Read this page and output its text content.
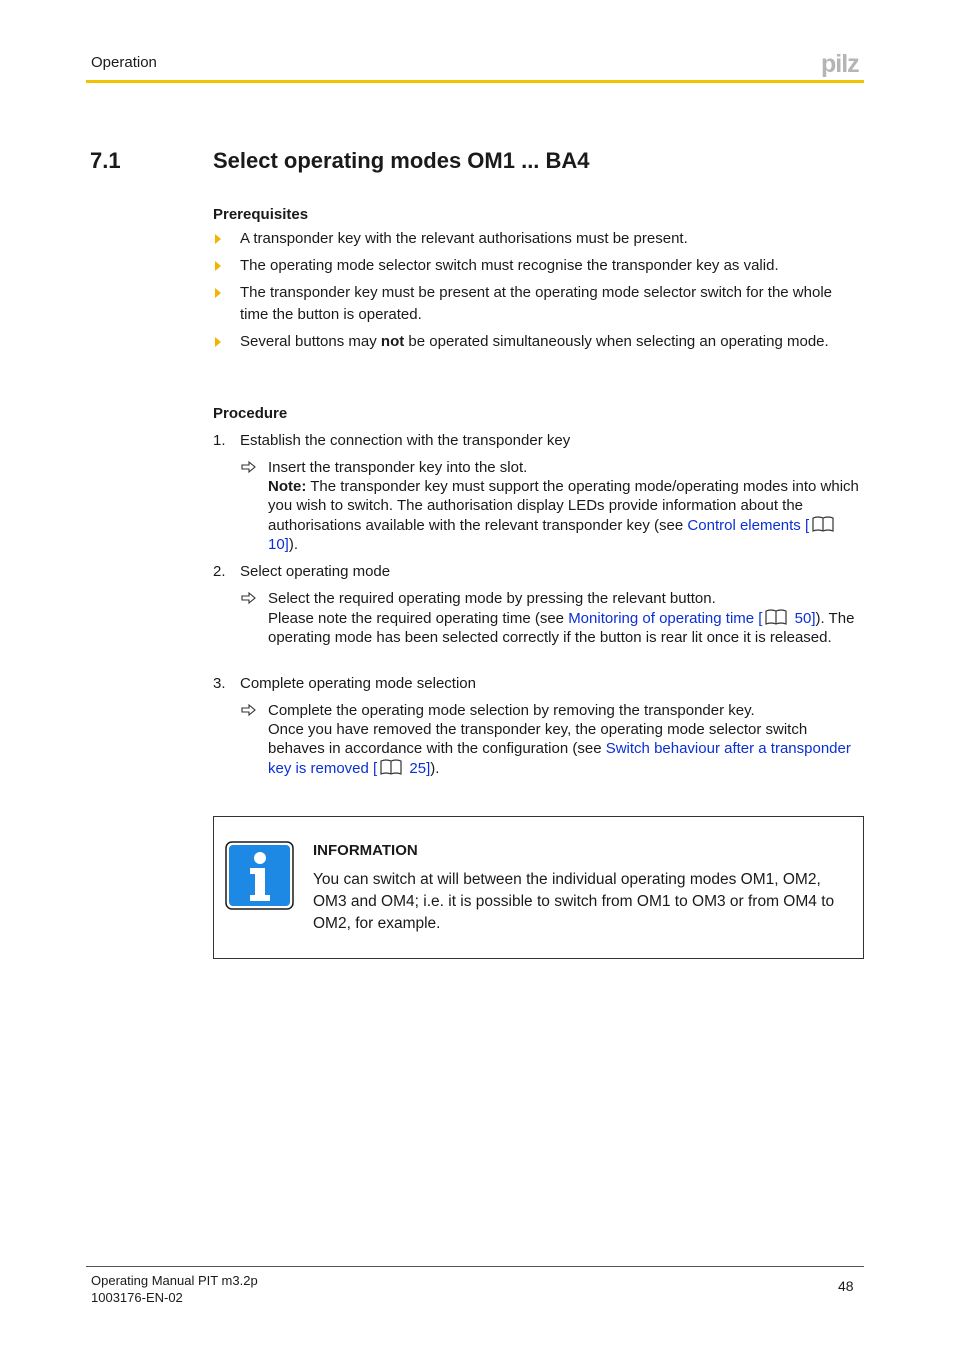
Operation	pilz
7.1	Select operating modes OM1 ... BA4
Prerequisites
A transponder key with the relevant authorisations must be present.
The operating mode selector switch must recognise the transponder key as valid.
The transponder key must be present at the operating mode selector switch for the whole time the button is operated.
Several buttons may not be operated simultaneously when selecting an operating mode.
Procedure
1. Establish the connection with the transponder key
Insert the transponder key into the slot.
Note: The transponder key must support the operating mode/operating modes into which you wish to switch. The authorisation display LEDs provide information about the authorisations available with the relevant transponder key (see Control elements [ 10]).
2. Select operating mode
Select the required operating mode by pressing the relevant button.
Please note the required operating time (see Monitoring of operating time [ 50]). The operating mode has been selected correctly if the button is rear lit once it is released.
3. Complete operating mode selection
Complete the operating mode selection by removing the transponder key.
Once you have removed the transponder key, the operating mode selector switch behaves in accordance with the configuration (see Switch behaviour after a transponder key is removed [ 25]).
INFORMATION
You can switch at will between the individual operating modes OM1, OM2, OM3 and OM4; i.e. it is possible to switch from OM1 to OM3 or from OM4 to OM2, for example.
Operating Manual PIT m3.2p
1003176-EN-02
48
